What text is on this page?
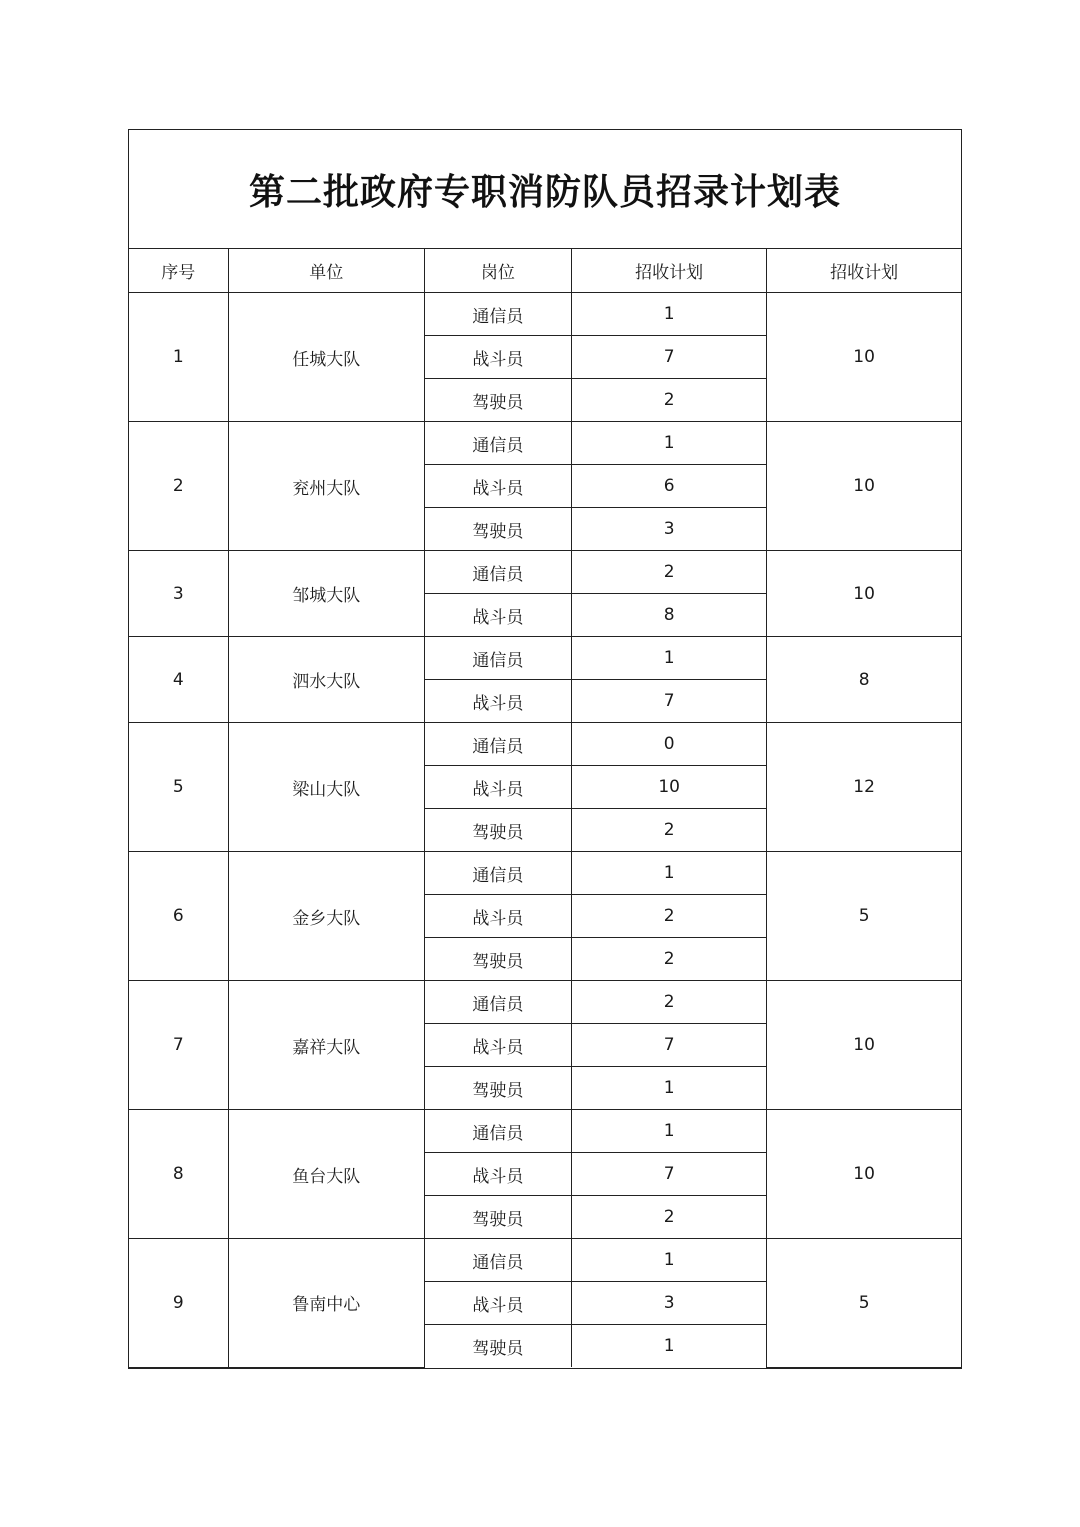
第二批政府专职消防队员招录计划表
序号	单位	岗位	招收计划	招收计划
1	任城大队	通信员	1	10
		战斗员	7	
		驾驶员	2	
2	兖州大队	通信员	1	10
		战斗员	6	
		驾驶员	3	
3	邹城大队	通信员	2	10
		战斗员	8	
4	泗水大队	通信员	1	8
		战斗员	7	
5	梁山大队	通信员	0	12
		战斗员	10	
		驾驶员	2	
6	金乡大队	通信员	1	5
		战斗员	2	
		驾驶员	2	
7	嘉祥大队	通信员	2	10
		战斗员	7	
		驾驶员	1	
8	鱼台大队	通信员	1	10
		战斗员	7	
		驾驶员	2	
9	鲁南中心	通信员	1	5
		战斗员	3	
		驾驶员	1	
